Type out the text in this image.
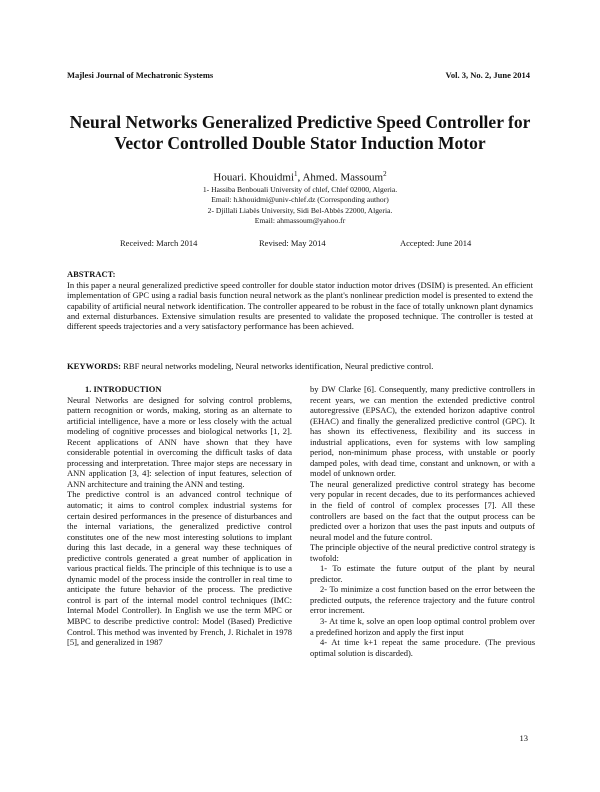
Majlesi Journal of Mechatronic Systems	Vol. 3, No. 2, June 2014
Neural Networks Generalized Predictive Speed Controller for
Vector Controlled Double Stator Induction Motor
Houari. Khouidmi$^1$, Ahmed. Massoum$^2$
1- Hassiba Benbouali University of chlef, Chlef 02000, Algeria.
Email: h.khouidmi@univ-chlef.dz (Corresponding author)
2- Djillali Liabès University, Sidi Bel-Abbès 22000, Algeria.
Email: ahmassoum@yahoo.fr
Received: March 2014	Revised: May 2014	Accepted: June 2014
ABSTRACT:
In this paper a neural generalized predictive speed controller for double stator induction motor drives (DSIM) is presented. An efficient implementation of GPC using a radial basis function neural network as the plant's nonlinear prediction model is presented to extend the capability of artificial neural network identification. The controller appeared to be robust in the face of totally unknown plant dynamics and external disturbances. Extensive simulation results are presented to validate the proposed technique. The controller is tested at different speeds trajectories and a very satisfactory performance has been achieved.
KEYWORDS: RBF neural networks modeling, Neural networks identification, Neural predictive control.

1. INTRODUCTION

Neural Networks are designed for solving control problems, pattern recognition or words, making, storing as an alternate to artificial intelligence, have a more or less closely with the actual modeling of cognitive processes and biological networks [1, 2]. Recent applications of ANN have shown that they have considerable potential in overcoming the difficult tasks of data processing and interpretation. Three major steps are necessary in ANN application [3, 4]: selection of input features, selection of ANN architecture and training the ANN and testing.

The predictive control is an advanced control technique of automatic; it aims to control complex industrial systems for certain desired performances in the presence of disturbances and the internal variations, the generalized predictive control constitutes one of the new most interesting solutions to implant during this last decade, in a general way these techniques of predictive controls generated a great number of application in various practical fields. The principle of this technique is to use a dynamic model of the process inside the controller in real time to anticipate the future behavior of the process. The predictive control is part of the internal model control techniques (IMC: Internal Model Controller). In English we use the term MPC or MBPC to describe predictive control: Model (Based) Predictive Control. This method was invented by French, J. Richalet in 1978 [5], and generalized in 1987

by DW Clarke [6]. Consequently, many predictive controllers in recent years, we can mention the extended predictive control autoregressive (EPSAC), the extended horizon adaptive control (EHAC) and finally the generalized predictive control (GPC). It has shown its effectiveness, flexibility and its success in industrial applications, even for systems with low sampling period, non-minimum phase process, with unstable or poorly damped poles, with dead time, constant and unknown, or with a model of unknown order.

The neural generalized predictive control strategy has become very popular in recent decades, due to its performances achieved in the field of control of complex processes [7]. All these controllers are based on the fact that the output process can be predicted over a horizon that uses the past inputs and outputs of neural model and the future control.

The principle objective of the neural predictive control strategy is twofold:

1- To estimate the future output of the plant by neural predictor.

2- To minimize a cost function based on the error between the predicted outputs, the reference trajectory and the future control error increment.

3- At time k, solve an open loop optimal control problem over a predefined horizon and apply the first input

4- At time k+1 repeat the same procedure. (The previous optimal solution is discarded).

13
